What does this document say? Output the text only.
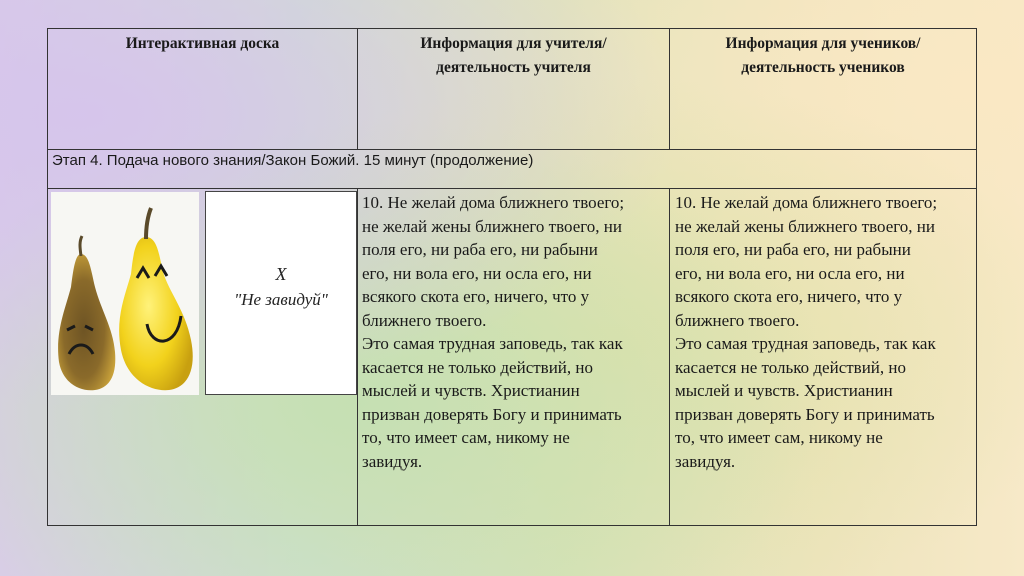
Интерактивная доска	Информация для учителя/
деятельность учителя
Информация для учеников/
деятельность учеников
Этап 4. Подача нового знания/Закон Божий. 15 минут (продолжение)
X
"Не завидуй"
10. Не желай дома ближнего твоего;
не желай жены ближнего твоего, ни
поля его, ни раба его, ни рабыни
его, ни вола его, ни осла его, ни
всякого скота его, ничего, что у
ближнего твоего.
Это самая трудная заповедь, так как
касается не только действий, но
мыслей и чувств. Христианин
призван доверять Богу и принимать
то, что имеет сам, никому не
завидуя.
10. Не желай дома ближнего твоего;
не желай жены ближнего твоего, ни
поля его, ни раба его, ни рабыни
его, ни вола его, ни осла его, ни
всякого скота его, ничего, что у
ближнего твоего.
Это самая трудная заповедь, так как
касается не только действий, но
мыслей и чувств. Христианин
призван доверять Богу и принимать
то, что имеет сам, никому не
завидуя.
